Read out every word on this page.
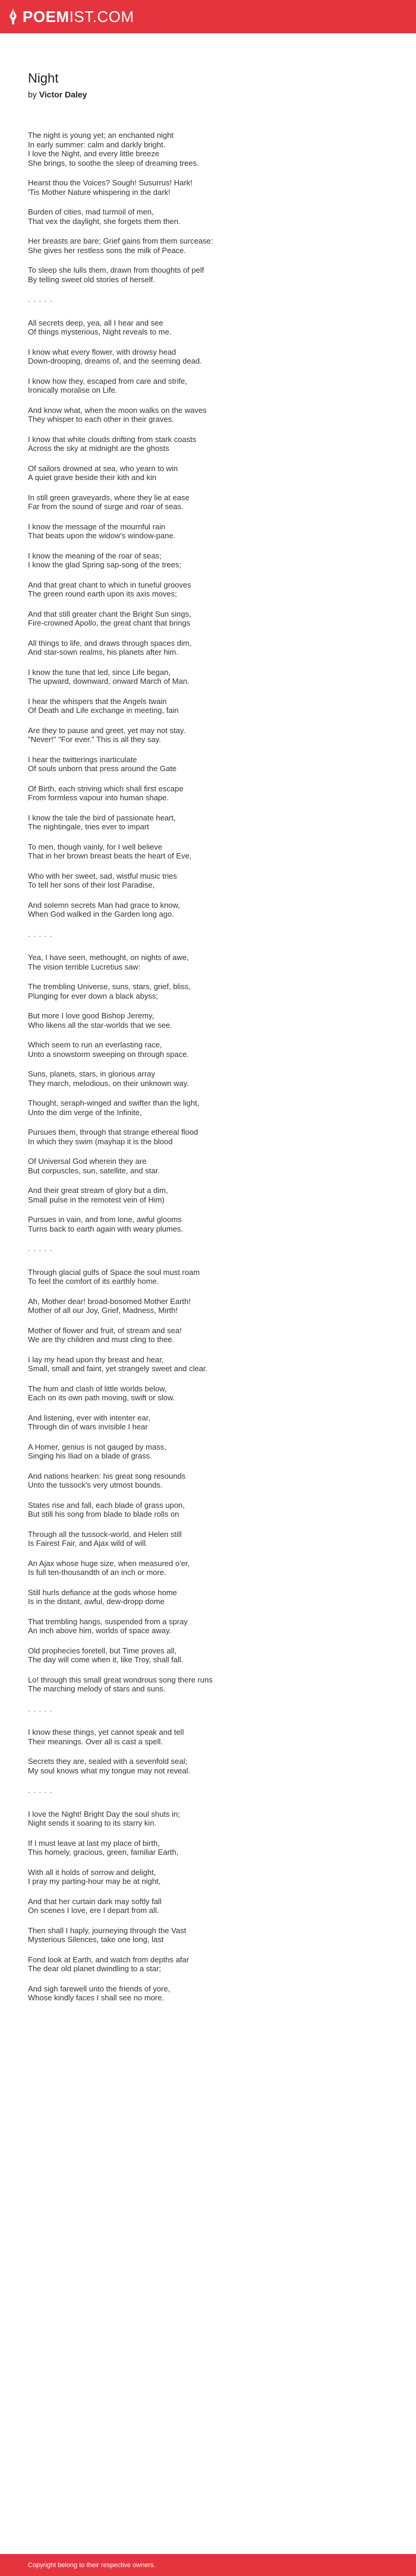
POEMIST.COM
Night
by Victor Daley
The night is young yet; an enchanted night
In early summer: calm and darkly bright.
I love the Night, and every little breeze
She brings, to soothe the sleep of dreaming trees.
Hearst thou the Voices? Sough! Susurrus! Hark!
'Tis Mother Nature whispering in the dark!
Burden of cities, mad turmoil of men,
That vex the daylight, she forgets them then.
Her breasts are bare; Grief gains from them surcease:
She gives her restless sons the milk of Peace.
To sleep she lulls them, drawn from thoughts of pelf
By telling sweet old stories of herself.
. . . . .
All secrets deep, yea, all I hear and see
Of things mysterious, Night reveals to me.
I know what every flower, with drowsy head
Down-drooping, dreams of, and the seeming dead.
I know how they, escaped from care and strife,
Ironically moralise on Life.
And know what, when the moon walks on the waves
They whisper to each other in their graves.
I know that white clouds drifting from stark coasts
Across the sky at midnight are the ghosts
Of sailors drowned at sea, who yearn to win
A quiet grave beside their kith and kin
In still green graveyards, where they lie at ease
Far from the sound of surge and roar of seas.
I know the message of the mournful rain
That beats upon the widow's window-pane.
I know the meaning of the roar of seas;
I know the glad Spring sap-song of the trees;
And that great chant to which in tuneful grooves
The green round earth upon its axis moves;
And that still greater chant the Bright Sun sings,
Fire-crowned Apollo, the great chant that brings
All things to life, and draws through spaces dim,
And star-sown realms, his planets after him.
I know the tune that led, since Life began,
The upward, downward, onward March of Man.
I hear the whispers that the Angels twain
Of Death and Life exchange in meeting, fain
Are they to pause and greet, yet may not stay.
"Never!" "For ever." This is all they say.
I hear the twitterings inarticulate
Of souls unborn that press around the Gate
Of Birth, each striving which shall first escape
From formless vapour into human shape.
I know the tale the bird of passionate heart,
The nightingale, tries ever to impart
To men, though vainly, for I well believe
That in her brown breast beats the heart of Eve,
Who with her sweet, sad, wistful music tries
To tell her sons of their lost Paradise,
And solemn secrets Man had grace to know,
When God walked in the Garden long ago.
. . . . .
Yea, I have seen, methought, on nights of awe,
The vision terrible Lucretius saw:
The trembling Universe, suns, stars, grief, bliss,
Plunging for ever down a black abyss;
But more I love good Bishop Jeremy,
Who likens all the star-worlds that we see.
Which seem to run an everlasting race,
Unto a snowstorm sweeping on through space.
Suns, planets, stars, in glorious array
They march, melodious, on their unknown way.
Thought, seraph-winged and swifter than the light,
Unto the dim verge of the Infinite,
Pursues them, through that strange ethereal flood
In which they swim (mayhap it is the blood
Of Universal God wherein they are
But corpuscles, sun, satellite, and star.
And their great stream of glory but a dim,
Small pulse in the remotest vein of Him)
Pursues in vain, and from lone, awful glooms
Turns back to earth again with weary plumes.
. . . . .
Through glacial gulfs of Space the soul must roam
To feel the comfort of its earthly home.
Ah, Mother dear! broad-bosomed Mother Earth!
Mother of all our Joy, Grief, Madness, Mirth!
Mother of flower and fruit, of stream and sea!
We are thy children and must cling to thee.
I lay my head upon thy breast and hear,
Small, small and faint, yet strangely sweet and clear.
The hum and clash of little worlds below,
Each on its own path moving, swift or slow.
And listening, ever with intenter ear,
Through din of wars invisible I hear
A Homer, genius is not gauged by mass,
Singing his Iliad on a blade of grass.
And nations hearken: his great song resounds
Unto the tussock's very utmost bounds.
States rise and fall, each blade of grass upon,
But still his song from blade to blade rolls on
Through all the tussock-world, and Helen still
Is Fairest Fair, and Ajax wild of will.
An Ajax whose huge size, when measured o'er,
Is full ten-thousandth of an inch or more.
Still hurls defiance at the gods whose home
Is in the distant, awful, dew-dropp dome
That trembling hangs, suspended from a spray
An inch above him, worlds of space away.
Old prophecies foretell, but Time proves all,
The day will come when it, like Troy, shall fall.
Lo! through this small great wondrous song there runs
The marching melody of stars and suns.
. . . . .
I know these things, yet cannot speak and tell
Their meanings. Over all is cast a spell.
Secrets they are, sealed with a sevenfold seal;
My soul knows what my tongue may not reveal.
. . . . .
I love the Night! Bright Day the soul shuts in;
Night sends it soaring to its starry kin.
If I must leave at last my place of birth,
This homely, gracious, green, familiar Earth,
With all it holds of sorrow and delight,
I pray my parting-hour may be at night,
And that her curtain dark may softly fall
On scenes I love, ere I depart from all.
Then shall I haply, journeying through the Vast
Mysterious Silences, take one long, last
Fond look at Earth, and watch from depths afar
The dear old planet dwindling to a star;
And sigh farewell unto the friends of yore,
Whose kindly faces I shall see no more.
Copyright belong to their respective owners.
